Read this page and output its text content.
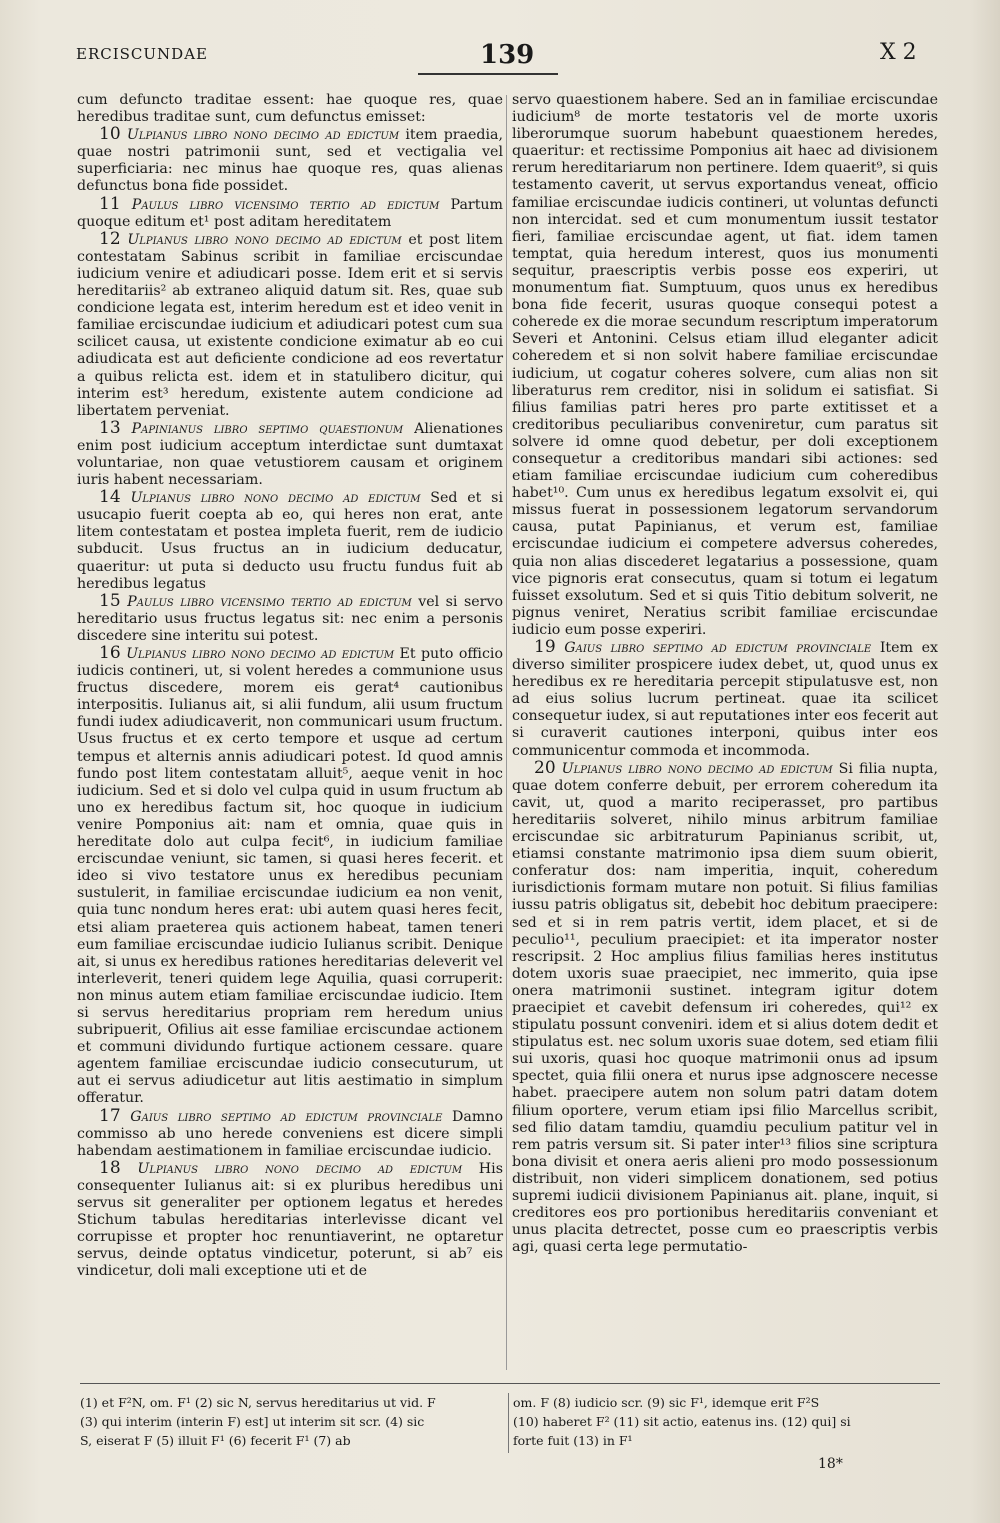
ERCISCUNDAE	139	X 2

cum defuncto traditae essent: hae quoque res, quae heredibus traditae sunt, cum defunctus emisset:

10 Ulpianus libro nono decimo ad edictum item praedia, quae nostri patrimonii sunt, sed et vectigalia vel superficiaria: nec minus hae quoque res, quas alienas defunctus bona fide possidet.

11 Paulus libro vicensimo tertio ad edictum Partum quoque editum et¹ post aditam hereditatem

12 Ulpianus libro nono decimo ad edictum et post litem contestatam Sabinus scribit in familiae erciscundae iudicium venire et adiudicari posse. Idem erit et si servis hereditariis² ab extraneo aliquid datum sit. Res, quae sub condicione legata est, interim heredum est et ideo venit in familiae erciscundae iudicium et adiudicari potest cum sua scilicet causa, ut existente condicione eximatur ab eo cui adiudicata est aut deficiente condicione ad eos revertatur a quibus relicta est. idem et in statulibero dicitur, qui interim est³ heredum, existente autem condicione ad libertatem perveniat.

13 Papinianus libro septimo quaestionum Alienationes enim post iudicium acceptum interdictae sunt dumtaxat voluntariae, non quae vetustiorem causam et originem iuris habent necessariam.

14 Ulpianus libro nono decimo ad edictum Sed et si usucapio fuerit coepta ab eo, qui heres non erat, ante litem contestatam et postea impleta fuerit, rem de iudicio subducit. Usus fructus an in iudicium deducatur, quaeritur: ut puta si deducto usu fructu fundus fuit ab heredibus legatus

15 Paulus libro vicensimo tertio ad edictum vel si servo hereditario usus fructus legatus sit: nec enim a personis discedere sine interitu sui potest.

16 Ulpianus libro nono decimo ad edictum Et puto officio iudicis contineri, ut, si volent heredes a communione usus fructus discedere, morem eis gerat⁴ cautionibus interpositis. Iulianus ait, si alii fundum, alii usum fructum fundi iudex adiudicaverit, non communicari usum fructum. Usus fructus et ex certo tempore et usque ad certum tempus et alternis annis adiudicari potest. Id quod amnis fundo post litem contestatam alluit⁵, aeque venit in hoc iudicium. Sed et si dolo vel culpa quid in usum fructum ab uno ex heredibus factum sit, hoc quoque in iudicium venire Pomponius ait: nam et omnia, quae quis in hereditate dolo aut culpa fecit⁶, in iudicium familiae erciscundae veniunt, sic tamen, si quasi heres fecerit. et ideo si vivo testatore unus ex heredibus pecuniam sustulerit, in familiae erciscundae iudicium ea non venit, quia tunc nondum heres erat: ubi autem quasi heres fecit, etsi aliam praeterea quis actionem habeat, tamen teneri eum familiae erciscundae iudicio Iulianus scribit. Denique ait, si unus ex heredibus rationes hereditarias deleverit vel interleverit, teneri quidem lege Aquilia, quasi corruperit: non minus autem etiam familiae erciscundae iudicio. Item si servus hereditarius propriam rem heredum unius subripuerit, Ofilius ait esse familiae erciscundae actionem et communi dividundo furtique actionem cessare. quare agentem familiae erciscundae iudicio consecuturum, ut aut ei servus adiudicetur aut litis aestimatio in simplum offeratur.

17 Gaius libro septimo ad edictum provinciale Damno commisso ab uno herede conveniens est dicere simpli habendam aestimationem in familiae erciscundae iudicio.

18 Ulpianus libro nono decimo ad edictum His consequenter Iulianus ait: si ex pluribus heredibus uni servus sit generaliter per optionem legatus et heredes Stichum tabulas hereditarias interlevisse dicant vel corrupisse et propter hoc renuntiaverint, ne optaretur servus, deinde optatus vindicetur, poterunt, si ab⁷ eis vindicetur, doli mali exceptione uti et de

servo quaestionem habere. Sed an in familiae erciscundae iudicium⁸ de morte testatoris vel de morte uxoris liberorumque suorum habebunt quaestionem heredes, quaeritur: et rectissime Pomponius ait haec ad divisionem rerum hereditariarum non pertinere. Idem quaerit⁹, si quis testamento caverit, ut servus exportandus veneat, officio familiae erciscundae iudicis contineri, ut voluntas defuncti non intercidat. sed et cum monumentum iussit testator fieri, familiae erciscundae agent, ut fiat. idem tamen temptat, quia heredum interest, quos ius monumenti sequitur, praescriptis verbis posse eos experiri, ut monumentum fiat. Sumptuum, quos unus ex heredibus bona fide fecerit, usuras quoque consequi potest a coherede ex die morae secundum rescriptum imperatorum Severi et Antonini. Celsus etiam illud eleganter adicit coheredem et si non solvit habere familiae erciscundae iudicium, ut cogatur coheres solvere, cum alias non sit liberaturus rem creditor, nisi in solidum ei satisfiat. Si filius familias patri heres pro parte extitisset et a creditoribus peculiaribus conveniretur, cum paratus sit solvere id omne quod debetur, per doli exceptionem consequetur a creditoribus mandari sibi actiones: sed etiam familiae erciscundae iudicium cum coheredibus habet¹⁰. Cum unus ex heredibus legatum exsolvit ei, qui missus fuerat in possessionem legatorum servandorum causa, putat Papinianus, et verum est, familiae erciscundae iudicium ei competere adversus coheredes, quia non alias discederet legatarius a possessione, quam vice pignoris erat consecutus, quam si totum ei legatum fuisset exsolutum. Sed et si quis Titio debitum solverit, ne pignus veniret, Neratius scribit familiae erciscundae iudicio eum posse experiri.

19 Gaius libro septimo ad edictum provinciale Item ex diverso similiter prospicere iudex debet, ut, quod unus ex heredibus ex re hereditaria percepit stipulatusve est, non ad eius solius lucrum pertineat. quae ita scilicet consequetur iudex, si aut reputationes inter eos fecerit aut si curaverit cautiones interponi, quibus inter eos communicentur commoda et incommoda.

20 Ulpianus libro nono decimo ad edictum Si filia nupta, quae dotem conferre debuit, per errorem coheredum ita cavit, ut, quod a marito reciperasset, pro partibus hereditariis solveret, nihilo minus arbitrum familiae erciscundae sic arbitraturum Papinianus scribit, ut, etiamsi constante matrimonio ipsa diem suum obierit, conferatur dos: nam imperitia, inquit, coheredum iurisdictionis formam mutare non potuit. Si filius familias iussu patris obligatus sit, debebit hoc debitum praecipere: sed et si in rem patris vertit, idem placet, et si de peculio¹¹, peculium praecipiet: et ita imperator noster rescripsit. 2 Hoc amplius filius familias heres institutus dotem uxoris suae praecipiet, nec immerito, quia ipse onera matrimonii sustinet. integram igitur dotem praecipiet et cavebit defensum iri coheredes, qui¹² ex stipulatu possunt conveniri. idem et si alius dotem dedit et stipulatus est. nec solum uxoris suae dotem, sed etiam filii sui uxoris, quasi hoc quoque matrimonii onus ad ipsum spectet, quia filii onera et nurus ipse adgnoscere necesse habet. praecipere autem non solum patri datam dotem filium oportere, verum etiam ipsi filio Marcellus scribit, sed filio datam tamdiu, quamdiu peculium patitur vel in rem patris versum sit. Si pater inter¹³ filios sine scriptura bona divisit et onera aeris alieni pro modo possessionum distribuit, non videri simplicem donationem, sed potius supremi iudicii divisionem Papinianus ait. plane, inquit, si creditores eos pro portionibus hereditariis conveniant et unus placita detrectet, posse cum eo praescriptis verbis agi, quasi certa lege permutatio-

(1) et F²N, om. F¹ (2) sic N, servus hereditarius ut vid. F
(3) qui interim (interin F) est] ut interim sit scr. (4) sic
S, eiserat F (5) illuit F¹ (6) fecerit F¹ (7) ab
om. F (8) iudicio scr. (9) sic F¹, idemque erit F²S
(10) haberet F² (11) sit actio, eatenus ins. (12) qui] si
forte fuit (13) in F¹
18*
